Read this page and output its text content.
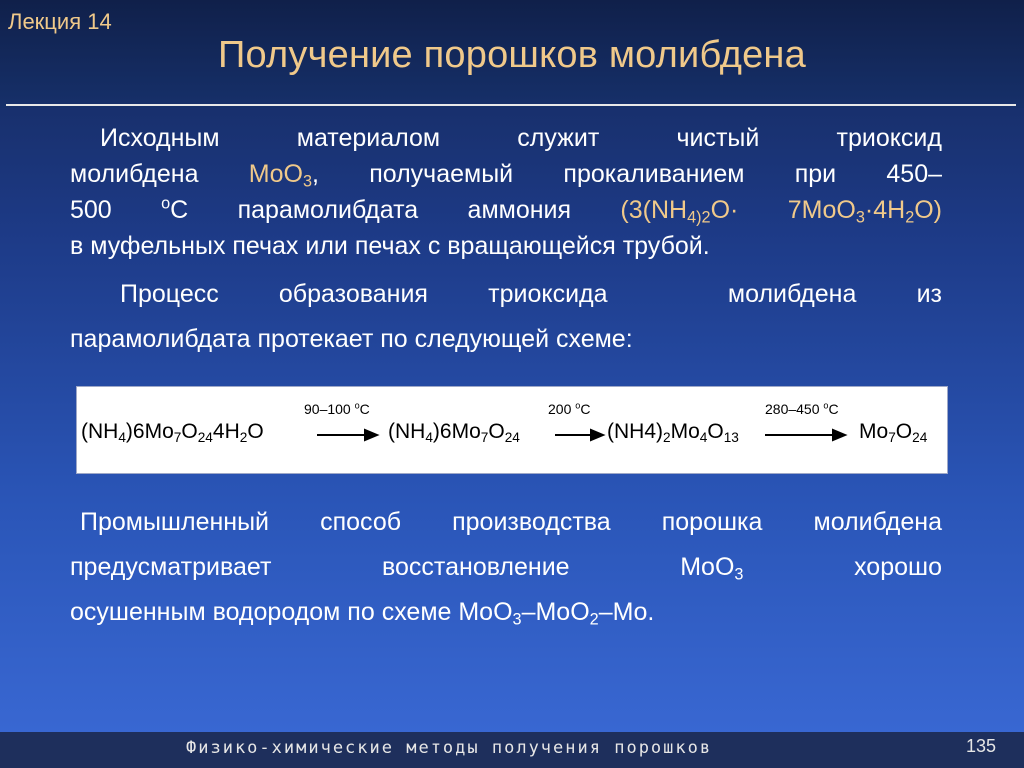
Лекция 14
Получение порошков молибдена
Исходным материалом служит чистый триоксид
молибдена MoO$_3$, получаемый прокаливанием при 450–
500 $^o$C парамолибдата аммония ($3(NH_{4)2}O\cdot 7MoO_3\cdot 4H_2O)$
в муфельных печах или печах с вращающейся трубой.
Процесс образования триоксида  молибдена из
парамолибдата протекает по следующей схеме:
$(NH_4)6Mo_7O_{24}4H_2O$
90–100 $^o$C
$(NH_4)6Mo_7O_{24}$
200 $^o$C
$(NH4)_2Mo_4O_{13}$
280–450 $^o$C
$Mo_7O_{24}$
Промышленный способ производства порошка молибдена
предусматривает восстановление MoO$_3$ хорошо
осушенным водородом по схеме MoO$_3$–MoO$_2$–Mo.
Физико-химические методы получения порошков	135
